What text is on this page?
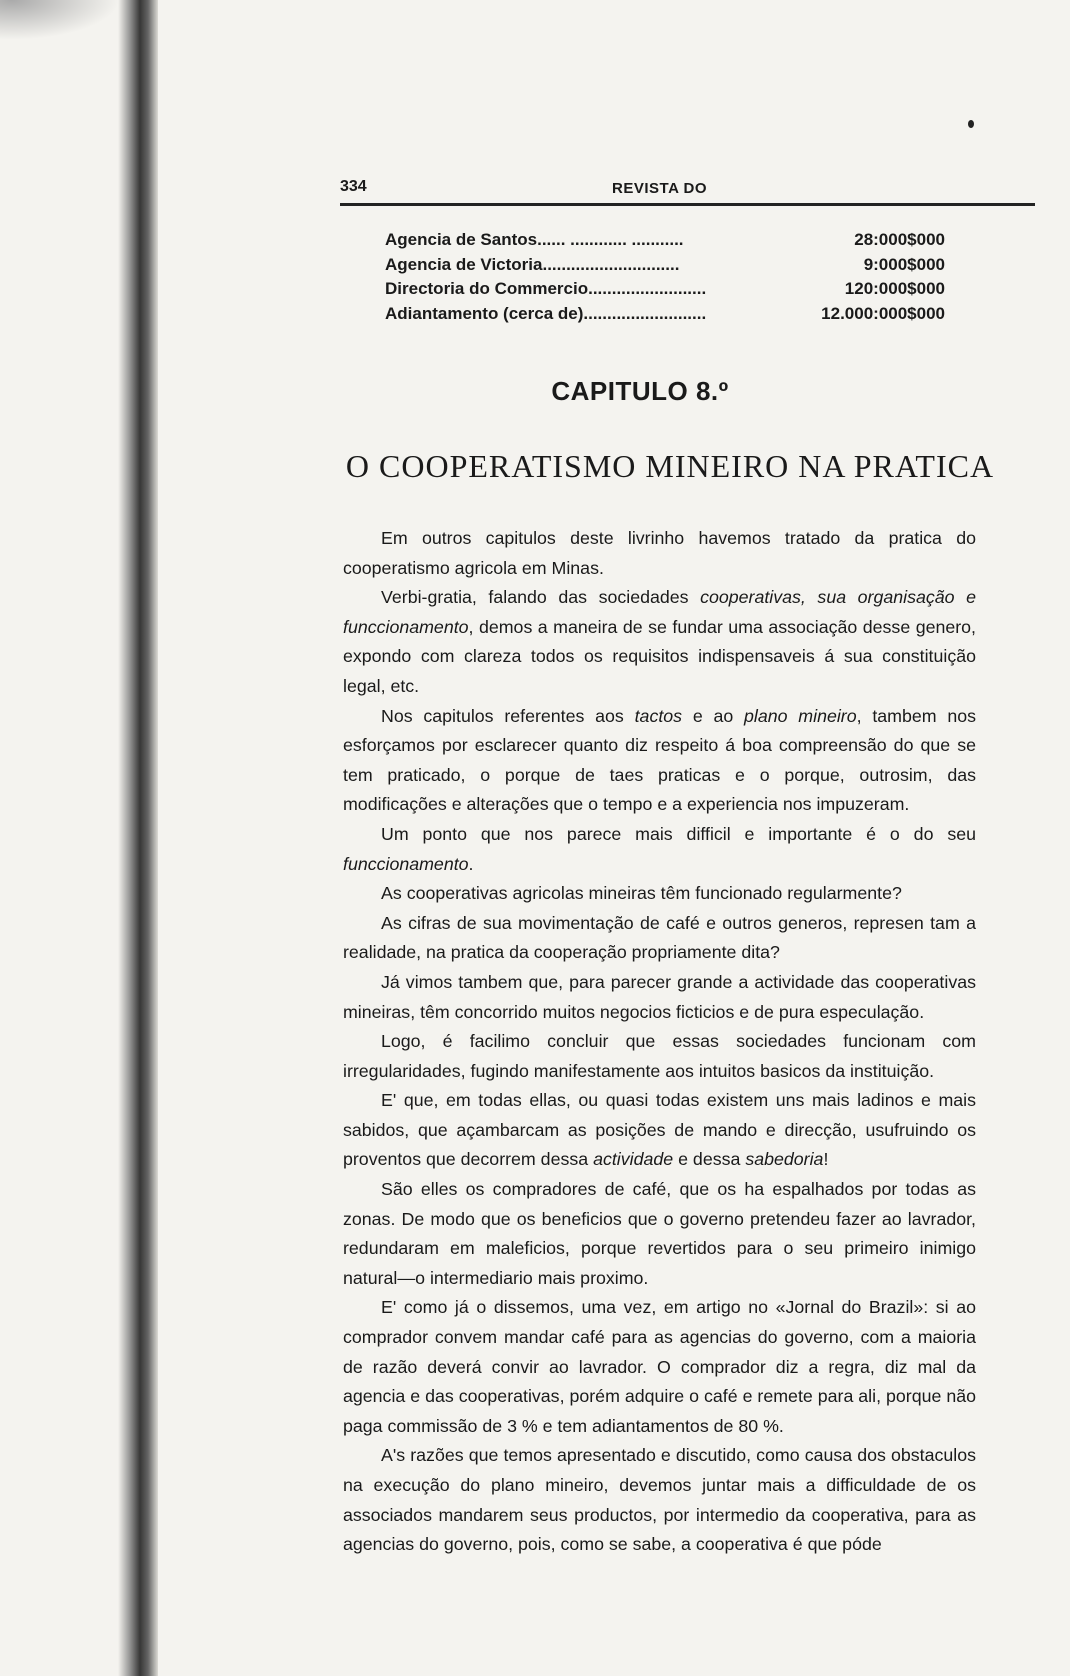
334	REVISTA DO
Agencia de Santos...... ............ ...........	28:000$000
Agencia de Victoria.............................	9:000$000
Directoria do Commercio.........................	120:000$000
Adiantamento (cerca de)..........................	12.000:000$000
CAPITULO 8.º
O COOPERATISMO MINEIRO NA PRATICA

Em outros capitulos deste livrinho havemos tratado da pratica do cooperatismo agricola em Minas.

Verbi-gratia, falando das sociedades cooperativas, sua organisação e funccionamento, demos a maneira de se fundar uma associação desse genero, expondo com clareza todos os requisitos indispensaveis á sua constituição legal, etc.

Nos capitulos referentes aos tactos e ao plano mineiro, tambem nos esforçamos por esclarecer quanto diz respeito á boa compreensão do que se tem praticado, o porque de taes praticas e o porque, outrosim, das modificações e alterações que o tempo e a experiencia nos impuzeram.

Um ponto que nos parece mais difficil e importante é o do seu funccionamento.

As cooperativas agricolas mineiras têm funcionado regularmente?

As cifras de sua movimentação de café e outros generos, represen tam a realidade, na pratica da cooperação propriamente dita?

Já vimos tambem que, para parecer grande a actividade das cooperativas mineiras, têm concorrido muitos negocios ficticios e de pura especulação.

Logo, é facilimo concluir que essas sociedades funcionam com irregularidades, fugindo manifestamente aos intuitos basicos da instituição.

E' que, em todas ellas, ou quasi todas existem uns mais ladinos e mais sabidos, que açambarcam as posições de mando e direcção, usufruindo os proventos que decorrem dessa actividade e dessa sabedoria!

São elles os compradores de café, que os ha espalhados por todas as zonas. De modo que os beneficios que o governo pretendeu fazer ao lavrador, redundaram em maleficios, porque revertidos para o seu primeiro inimigo natural—o intermediario mais proximo.

E' como já o dissemos, uma vez, em artigo no «Jornal do Brazil»: si ao comprador convem mandar café para as agencias do governo, com a maioria de razão deverá convir ao lavrador. O comprador diz a regra, diz mal da agencia e das cooperativas, porém adquire o café e remete para ali, porque não paga commissão de 3 % e tem adiantamentos de 80 %.

A's razões que temos apresentado e discutido, como causa dos obstaculos na execução do plano mineiro, devemos juntar mais a difficuldade de os associados mandarem seus productos, por intermedio da cooperativa, para as agencias do governo, pois, como se sabe, a cooperativa é que póde
